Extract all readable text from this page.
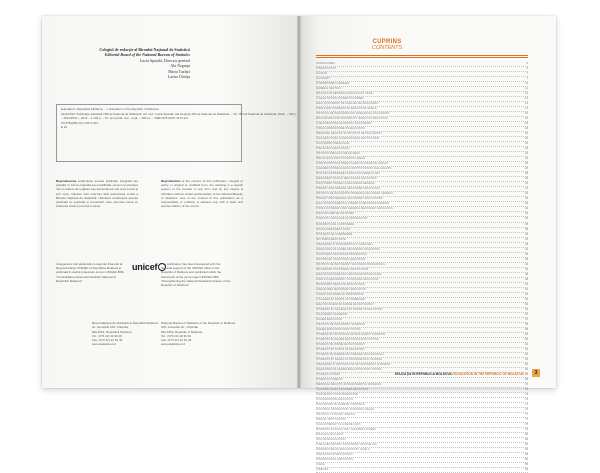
Colegiul de redacţie al Biroului Naţional de Statistică
Editorial Board of the National Bureau of Statistics
Lucia Spoială, Director general
Ala Negruţa
Maria Tuzlari
Larisa Chiriţa
Educaţia în Republica Moldova ... = Education in the Republic of Moldova
2011/2012: Publicaţie statistică / Biroul Naţional de Statistică; col. red.: Lucia Spoială, Ala Negruţa; Biroul Naţional de Statistică. – Ch.: Biroul Naţional de Statistică, 2012. – 196 p.
– 2011/2012 – 2012 – 1 100 p. – Tit. text paral. rom., engl. – 300 ex. – ISBN 978-9975-4173-9-6
37(478)(084.21)=135.1=111
E 10
Reproducerea conţinutului acestei publicaţii, integrală sau parţială, în forma originală sau modificată, precum şi stocarea într-un sistem de regăsire sau transmiterea sub orice formă şi prin orice mijloace sunt interzise fără autorizarea scrisă a Biroului Naţional de Statistică. Utilizarea conţinutului acestei publicaţii cu explicaţii şi comentarii, este permisă numai cu indicarea clară şi precisă a sursei.
Reproduction of the content of this publication, integral or partly, in original or modified form, the stocking in a search system or the transfer in any form and by any means is forbidden without written authorisation of the National Bureau of Statistics. Use of the content of this publication as a responsibility or publicity is allowed only with a clear and precise citation of the source.
Culegerea a fost elaborată cu suportul financiar al Reprezentanţei UNICEF în Republica Moldova şi publicată în cadrul proiectului comun UNICEF-BNS "Consolidarea Sistemului Statistic Naţional al Republicii Moldova".
unicef	The publication has been developed with the financial support of the UNICEF office in the Republic of Moldova and published within the framework of the joint project UNICEF-NBS "Strengthening the National Statistical System of the Republic of Moldova".
Biroul Naţional de Statistică al Republicii Moldova
str. Grenoble 106, Chişinău
MD-2019, Republica Moldova
Tel.: (373 22) 40 30 00
Fax: (373 22) 22 61 46
www.statistica.md
National Bureau of Statistics of the Republic of Moldova
106, Grenoble str., Chişinău
MD-2019, Republic of Moldova
Tel.: (373 22) 40 30 00
Fax: (373 22) 22 61 46
www.statistica.md
CUPRINS
CONTENTS
INTRODUCERE	5
INTRODUCTION	5
GLOSAR	7
GLOSSARY	7
COMPARTIMENT GENERAL	11
GENERAL SECTION	11
EDUCAŢIA ÎN REPUBLICA MOLDOVA ÎN CIFRE	12
COLLECTION OF STUDENTS NUMBER	13
ELEVI ŞI STUDENŢI PE NIVELURI DE ÎNVĂŢĂMÂNT	14
PUPILS AND STUDENTS BY EDUCATION LEVELS	14
INSTITUŢII DE ÎNVĂŢĂMÂNT PE NIVELURI DE ÎNVĂŢĂMÂNT	16
EDUCATIONAL INSTITUTIONS BY LEVELS OF EDUCATION	16
CHELTUIELI PUBLICE PENTRU ÎNVĂŢĂMÂNT	18
PUBLIC EXPENDITURE ON EDUCATION	18
PERSONAL DIDACTIC ÎN INSTITUŢII DE ÎNVĂŢĂMÂNT	20
TEACHING STAFF IN EDUCATIONAL INSTITUTIONS	20
ÎNVĂŢĂMÂNT PREŞCOLAR	23
PRE-SCHOOL EDUCATION	23
INSTITUŢII PREŞCOLARE PE MEDII	24
PRE-SCHOOL INSTITUTIONS BY AREAS	24
COPII ÎN INSTITUŢII PREŞCOLARE PE GRUPE DE VÂRSTĂ	26
CHILDREN IN PRE-SCHOOL INSTITUTIONS BY AGE GROUPS	26
RATA DE CUPRINDERE ÎN EDUCAŢIA PREŞCOLARĂ	28
ENROLMENT RATE IN PRE-SCHOOL EDUCATION	28
ÎNVĂŢĂMÂNT PRIMAR ŞI SECUNDAR GENERAL	31
PRIMARY AND GENERAL SECONDARY EDUCATION	31
INSTITUŢII DE ÎNVĂŢĂMÂNT PRIMAR ŞI SECUNDAR GENERAL	32
PRIMARY AND GENERAL SECONDARY INSTITUTIONS	32
ELEVI ÎN ÎNVĂŢĂMÂNTUL PRIMAR ŞI SECUNDAR GENERAL	34
PUPILS IN PRIMARY AND GENERAL SECONDARY EDUCATION	34
ELEVI PE LIMBI DE INSTRUIRE	36
PUPILS BY LANGUAGE OF INSTRUCTION	36
RATA BRUTĂ DE CUPRINDERE	38
GROSS ENROLMENT RATE	38
RATA NETĂ DE CUPRINDERE	40
NET ENROLMENT RATE	40
ABSOLVENŢI AI ÎNVĂŢĂMÂNTULUI GIMNAZIAL	42
GRADUATES OF LOWER SECONDARY EDUCATION	42
ÎNVĂŢĂMÂNT SECUNDAR PROFESIONAL	45
SECONDARY VOCATIONAL EDUCATION	45
INSTITUŢII DE ÎNVĂŢĂMÂNT SECUNDAR PROFESIONAL	46
SECONDARY VOCATIONAL INSTITUTIONS	46
ELEVI ÎN ÎNVĂŢĂMÂNTUL SECUNDAR PROFESIONAL	48
PUPILS IN SECONDARY VOCATIONAL EDUCATION	48
ÎNVĂŢĂMÂNT MEDIU DE SPECIALITATE	51
SPECIALISED SECONDARY EDUCATION	51
COLEGII PE FORME DE PROPRIETATE	52
COLLEGES BY FORMS OF OWNERSHIP	52
ELEVI ÎN COLEGII PE FORME DE ÎNVĂŢĂMÂNT	54
STUDENTS IN COLLEGES BY FORMS OF EDUCATION	54
ÎNVĂŢĂMÂNT SUPERIOR	57
HIGHER EDUCATION	57
INSTITUŢII DE ÎNVĂŢĂMÂNT SUPERIOR	58
HIGHER EDUCATION INSTITUTIONS	58
STUDENŢI ÎN INSTITUŢIILE DE ÎNVĂŢĂMÂNT SUPERIOR	60
STUDENTS IN HIGHER EDUCATION INSTITUTIONS	60
STUDENŢI PE FORME DE ÎNVĂŢĂMÂNT	62
STUDENTS BY FORMS OF EDUCATION	62
STUDENŢI PE DOMENII DE FORMARE PROFESIONALĂ	64
STUDENTS BY FIELDS OF PROFESSIONAL TRAINING	64
ABSOLVENŢI AI INSTITUŢIILOR DE ÎNVĂŢĂMÂNT SUPERIOR	66
GRADUATES OF HIGHER EDUCATION INSTITUTIONS	66
STUDENŢI STRĂINI	68
FOREIGN STUDENTS	68
PERSONAL DIDACTIC ÎN ÎNVĂŢĂMÂNTUL SUPERIOR	70
TEACHING STAFF IN HIGHER EDUCATION	70
ÎNVĂŢĂMÂNT POSTUNIVERSITAR	73
POSTGRADUATE EDUCATION	73
DOCTORANZI PE DOMENII ŞTIINŢIFICE	74
DOCTORAL STUDENTS BY SCIENTIFIC FIELDS	74
INSTITUŢII CU PROFIL SPECIAL	77
SPECIAL INSTITUTIONS	77
ŞCOLI-INTERNAT ŞI CASE DE COPII	78
BOARDING SCHOOLS AND CHILDREN'S HOMES	78
EDUCAŢIA INCLUZIVĂ	80
INCLUSIVE EDUCATION	80
CHELTUIELI PENTRU ÎNVĂŢĂMÂNT PE NIVELURI	83
EXPENDITURE ON EDUCATION BY LEVELS	83
INDICATORI INTERNAŢIONALI	86
INTERNATIONAL INDICATORS	86
ANEXE	89
ANNEXES	89
EDUCAŢIA ÎN REPUBLICA MOLDOVA / EDUCATION IN THE REPUBLIC OF MOLDOVA	3
